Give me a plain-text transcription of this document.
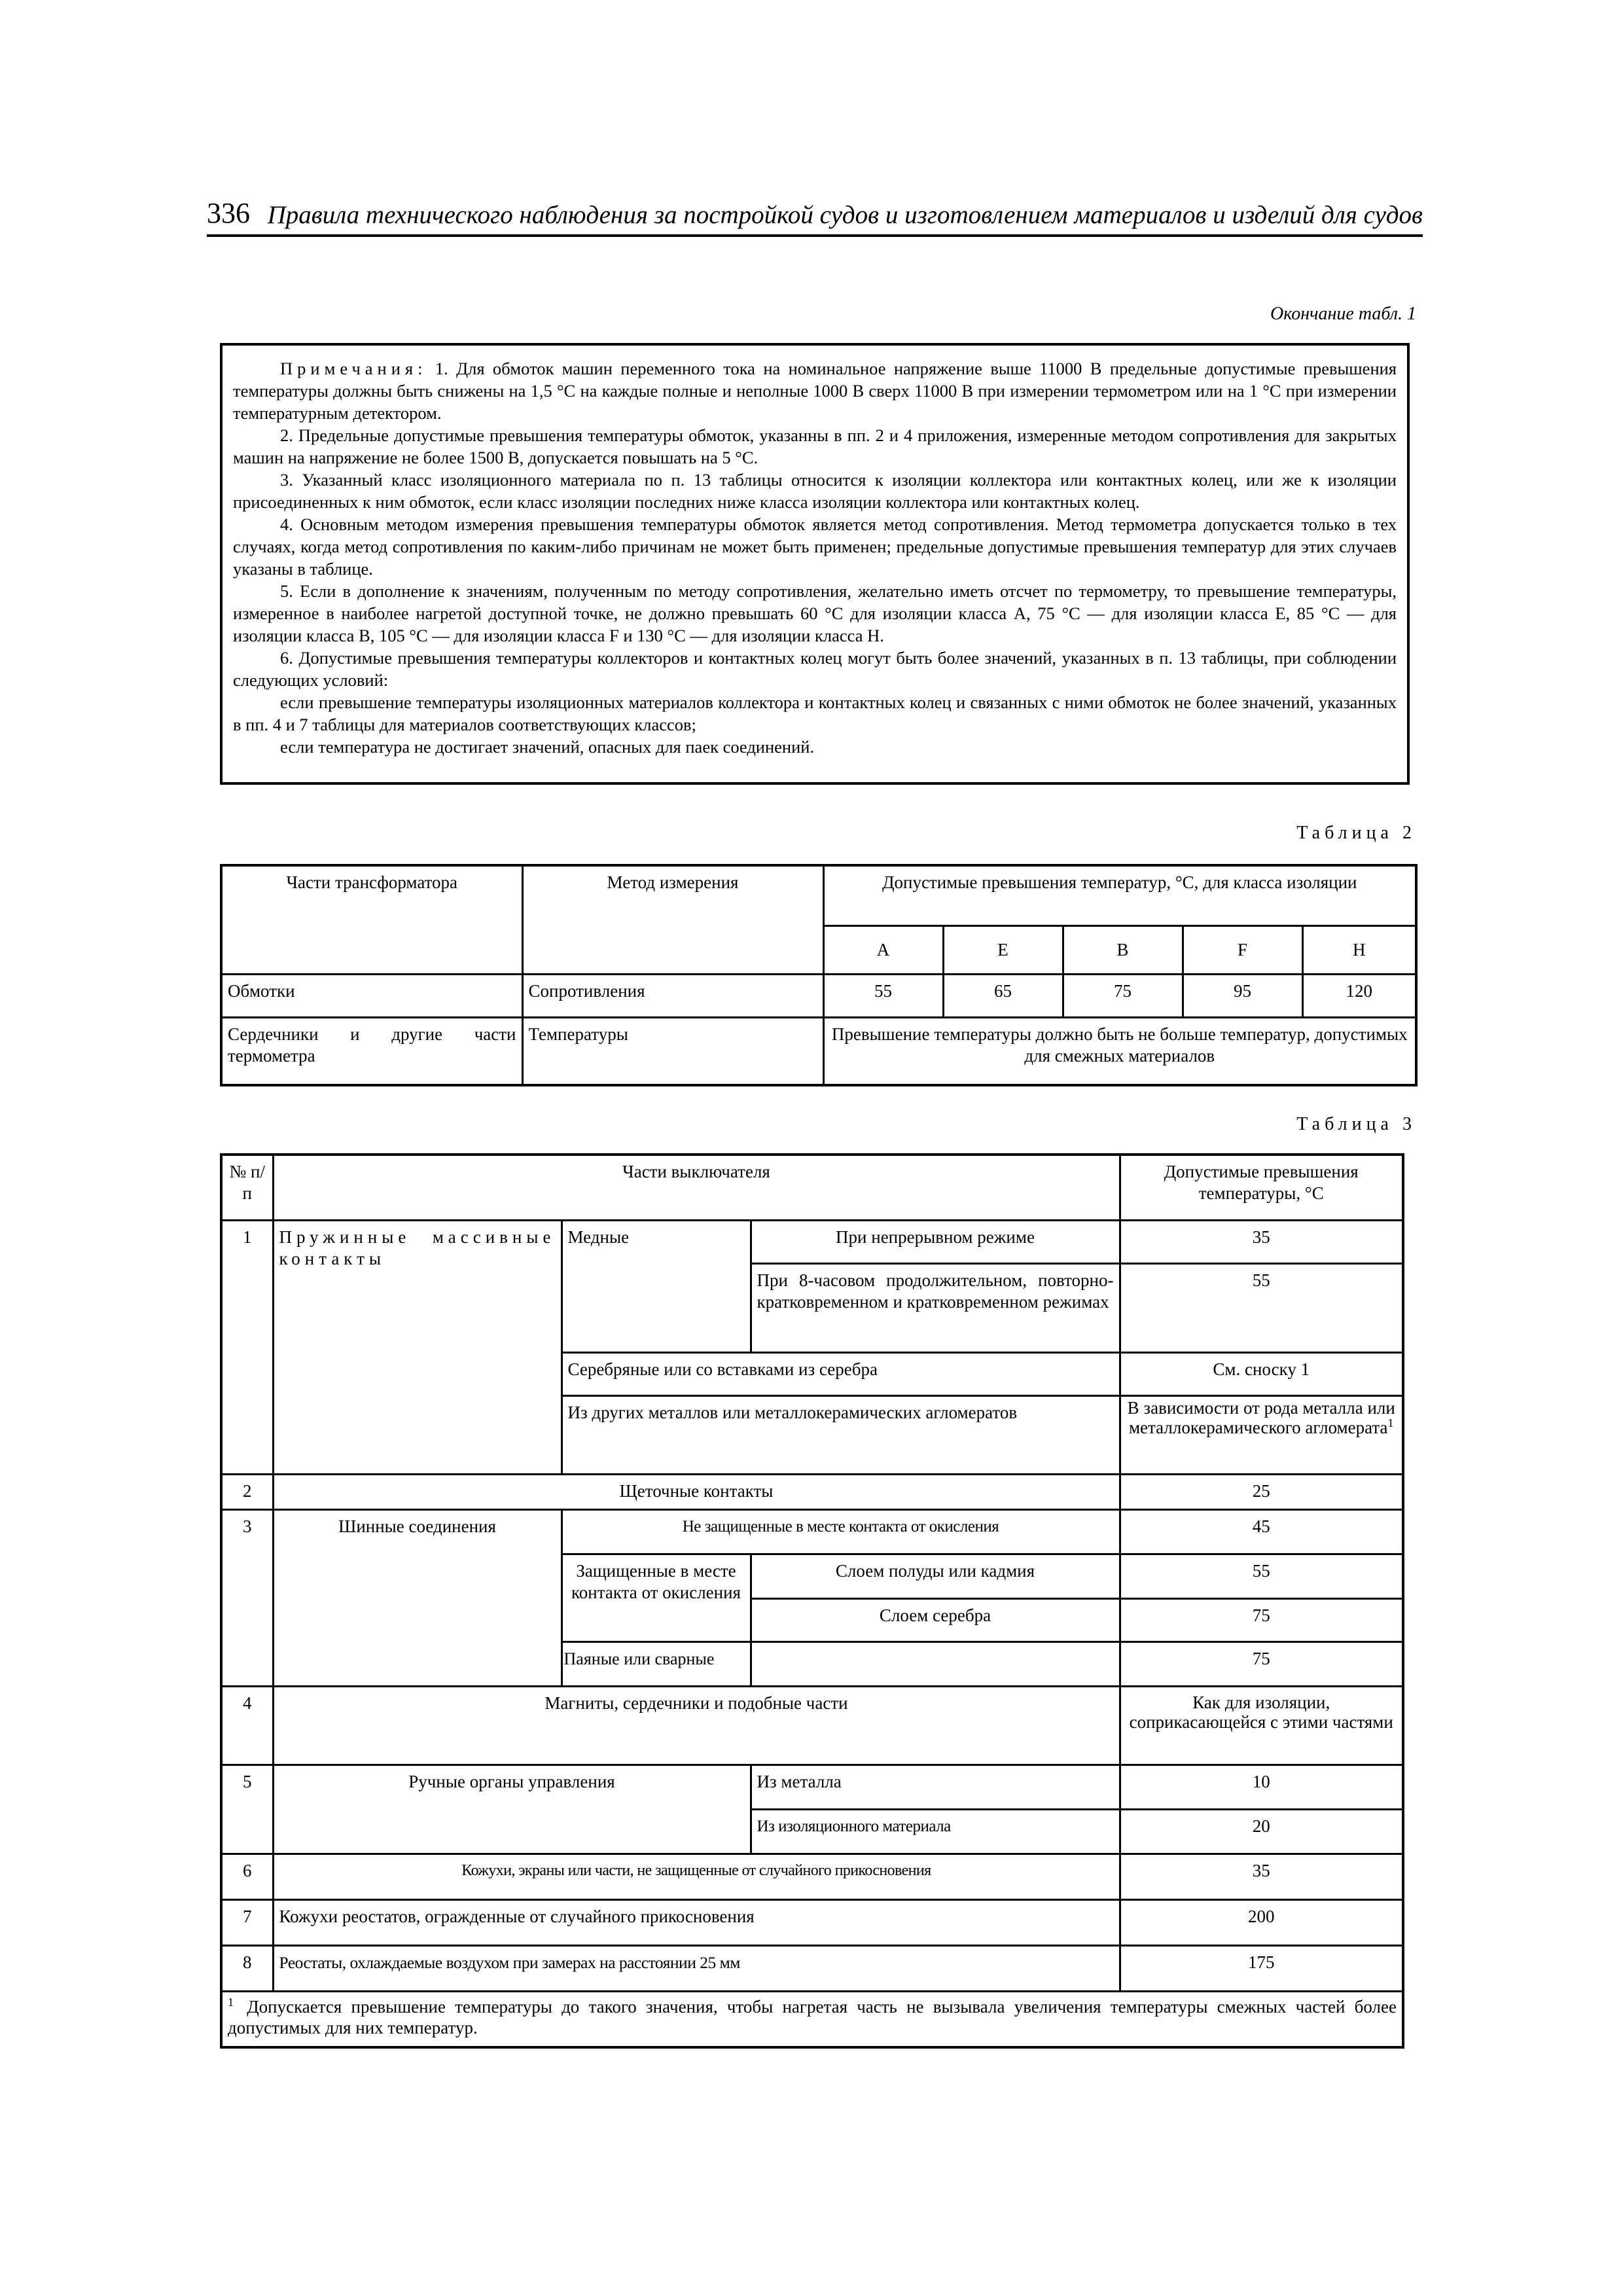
336 Правила технического наблюдения за постройкой судов и изготовлением материалов и изделий для судов
Окончание табл. 1

Примечания: 1. Для обмоток машин переменного тока на номинальное напряжение выше 11000 В предельные допустимые превышения температуры должны быть снижены на 1,5 °С на каждые полные и неполные 1000 В сверх 11000 В при измерении термометром или на 1 °С при измерении температурным детектором.

2. Предельные допустимые превышения температуры обмоток, указанны в пп. 2 и 4 приложения, измеренные методом сопротивления для закрытых машин на напряжение не более 1500 В, допускается повышать на 5 °С.

3. Указанный класс изоляционного материала по п. 13 таблицы относится к изоляции коллектора или контактных колец, или же к изоляции присоединенных к ним обмоток, если класс изоляции последних ниже класса изоляции коллектора или контактных колец.

4. Основным методом измерения превышения температуры обмоток является метод сопротивления. Метод термометра допускается только в тех случаях, когда метод сопротивления по каким-либо причинам не может быть применен; предельные допустимые превышения температур для этих случаев указаны в таблице.

5. Если в дополнение к значениям, полученным по методу сопротивления, желательно иметь отсчет по термометру, то превышение температуры, измеренное в наиболее нагретой доступной точке, не должно превышать 60 °С для изоляции класса А, 75 °С — для изоляции класса Е, 85 °С — для изоляции класса В, 105 °С — для изоляции класса F и 130 °С — для изоляции класса Н.

6. Допустимые превышения температуры коллекторов и контактных колец могут быть более значений, указанных в п. 13 таблицы, при соблюдении следующих условий:

если превышение температуры изоляционных материалов коллектора и контактных колец и связанных с ними обмоток не более значений, указанных в пп. 4 и 7 таблицы для материалов соответствующих классов;

если температура не достигает значений, опасных для паек соединений.

Таблица 2
Части трансформатора	Метод измерения	Допустимые превышения температур, °С, для класса изоляции				
		A	E	B	F	H
Обмотки	Сопротивления	55	65	75	95	120
Сердечники и другие части термометра	Температуры	Превышение температуры должно быть не больше температур, допустимых для смежных материалов				
Таблица 3
№ п/п	Части выключателя			Допустимые превышения температуры, °С
1	Пружинные массивные контакты	Медные	При непрерывном режиме	35
			При 8-часовом продолжительном, повторно-кратковременном и кратковременном режимах	55
		Серебряные или со вставками из серебра		См. сноску 1
		Из других металлов или металлокерамических агломератов		В зависимости от рода металла или металлокерамического агломерата$^1$
2	Щеточные контакты			25
3	Шинные соединения	Не защищенные в месте контакта от окисления		45
		Защищенные в месте контакта от окисления	Слоем полуды или кадмия	55
			Слоем серебра	75
		Паяные или сварные		75
4	Магниты, сердечники и подобные части			Как для изоляции, соприкасающейся с этими частями
5	Ручные органы управления		Из металла	10
			Из изоляционного материала	20
6	Кожухи, экраны или части, не защищенные от случайного прикосновения			35
7	Кожухи реостатов, огражденные от случайного прикосновения			200
8	Реостаты, охлаждаемые воздухом при замерах на расстоянии 25 мм			175
$^1$ Допускается превышение температуры до такого значения, чтобы нагретая часть не вызывала увеличения температуры смежных частей более допустимых для них температур.				
